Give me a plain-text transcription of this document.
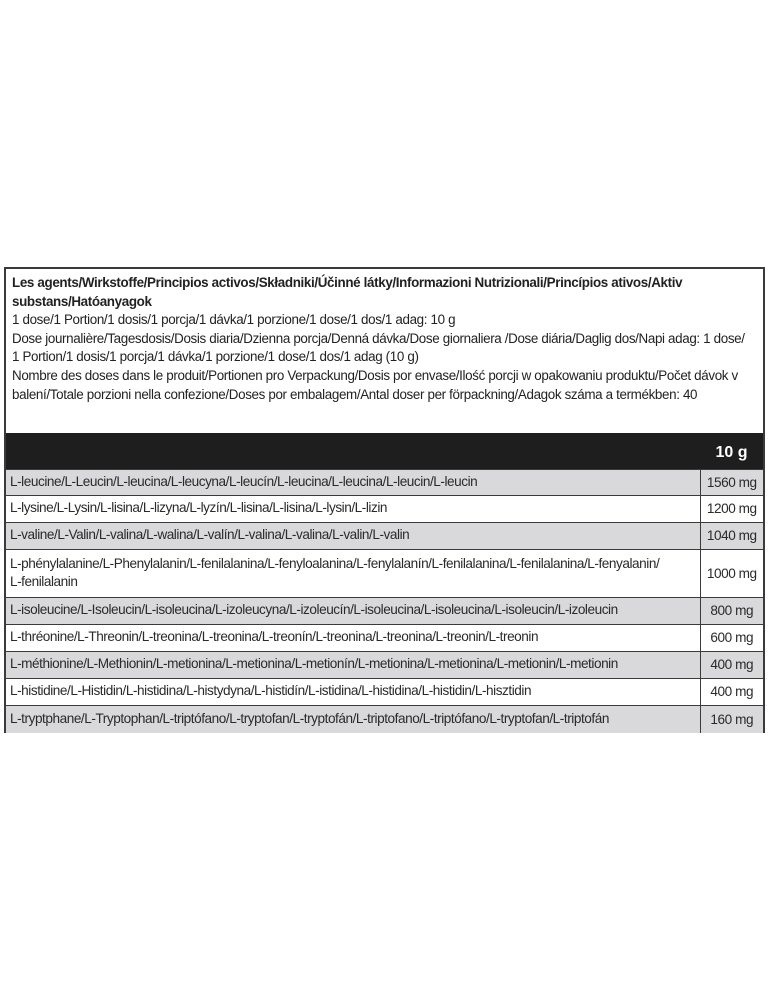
Les agents/Wirkstoffe/Principios activos/Składniki/Účinné látky/Informazioni Nutrizionali/Princípios ativos/Aktiv substans/Hatóanyagok

1 dose/1 Portion/1 dosis/1 porcja/1 dávka/1 porzione/1 dose/1 dos/1 adag: 10 g

Dose journalière/Tagesdosis/Dosis diaria/Dzienna porcja/Denná dávka/Dose giornaliera /Dose diária/Daglig dos/Napi adag: 1 dose/

1 Portion/1 dosis/1 porcja/1 dávka/1 porzione/1 dose/1 dos/1 adag (10 g)

Nombre des doses dans le produit/Portionen pro Verpackung/Dosis por envase/Ilość porcji w opakowaniu produktu/Počet dávok v

balení/Totale porzioni nella confezione/Doses por embalagem/Antal doser per förpackning/Adagok száma a termékben: 40

	10 g
L-leucine/L-Leucin/L-leucina/L-leucyna/L-leucín/L-leucina/L-leucina/L-leucin/L-leucin	1560 mg
L-lysine/L-Lysin/L-lisina/L-lizyna/L-lyzín/L-lisina/L-lisina/L-lysin/L-lizin	1200 mg
L-valine/L-Valin/L-valina/L-walina/L-valín/L-valina/L-valina/L-valin/L-valin	1040 mg
L-phénylalanine/L-Phenylalanin/L-fenilalanina/L-fenyloalanina/L-fenylalanín/L-fenilalanina/L-fenilalanina/L-fenyalanin/
L-fenilalanin	1000 mg
L-isoleucine/L-Isoleucin/L-isoleucina/L-izoleucyna/L-izoleucín/L-isoleucina/L-isoleucina/L-isoleucin/L-izoleucin	800 mg
L-thréonine/L-Threonin/L-treonina/L-treonina/L-treonín/L-treonina/L-treonina/L-treonin/L-treonin	600 mg
L-méthionine/L-Methionin/L-metionina/L-metionina/L-metionín/L-metionina/L-metionina/L-metionin/L-metionin	400 mg
L-histidine/L-Histidin/L-histidina/L-histydyna/L-histidín/L-istidina/L-histidina/L-histidin/L-hisztidin	400 mg
L-tryptphane/L-Tryptophan/L-triptófano/L-tryptofan/L-tryptofán/L-triptofano/L-triptófano/L-tryptofan/L-triptofán	160 mg
